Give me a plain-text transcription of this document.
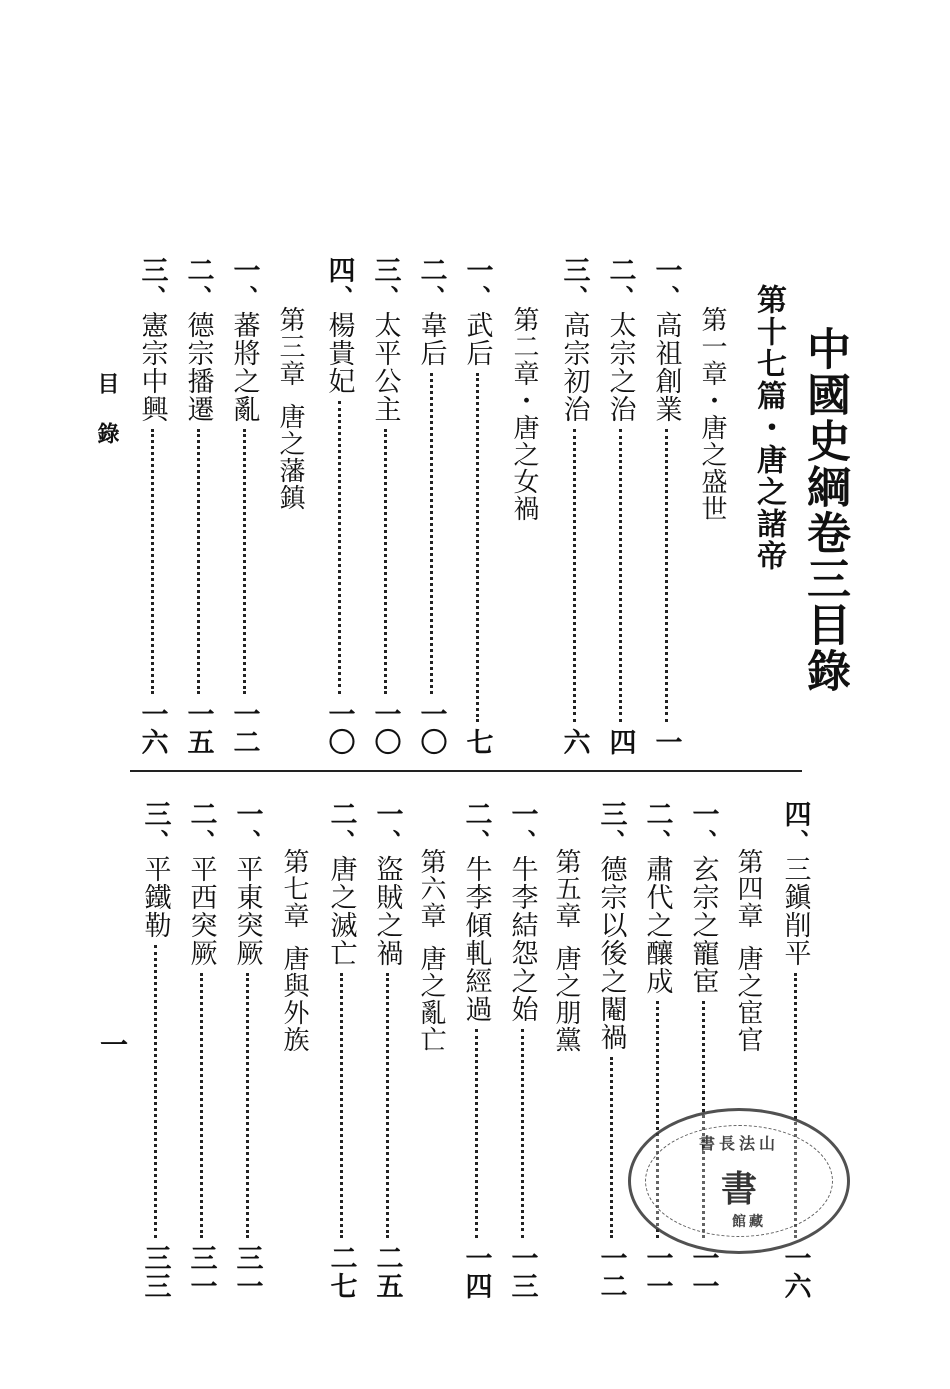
中國史綱卷三目錄
第十七篇
・
唐之諸帝
第一章
・
唐之盛世
一
、
高祖創業
一
二
、
太宗之治
四
三
、
高宗初治
六
第二章
・
唐之女禍
一
、
武后
七
二
、
韋后
一〇
三
、
太平公主
一〇
四
、
楊貴妃
一〇
第三章
唐之藩鎮
一
、
蕃將之亂
一二
二
、
德宗播遷
一五
三
、
憲宗中興
一六
目錄
四
、
三鎭削平
一六
第四章
唐之宦官
一
、
玄宗之寵宦
一一
二
、
肅代之釀成
一一
三
、
德宗以後之閹禍
一二
第五章
唐之朋黨
一
、
牛李結怨之始
一三
二
、
牛李傾軋經過
一四
第六章
唐之亂亡
一
、
盜賊之禍
二五
二
、
唐之滅亡
二七
第七章
唐與外族
一
、
平東突厥
三一
二
、
平西突厥
三一
三
、
平鐵勒
三三
一
書長法山
書
館藏
